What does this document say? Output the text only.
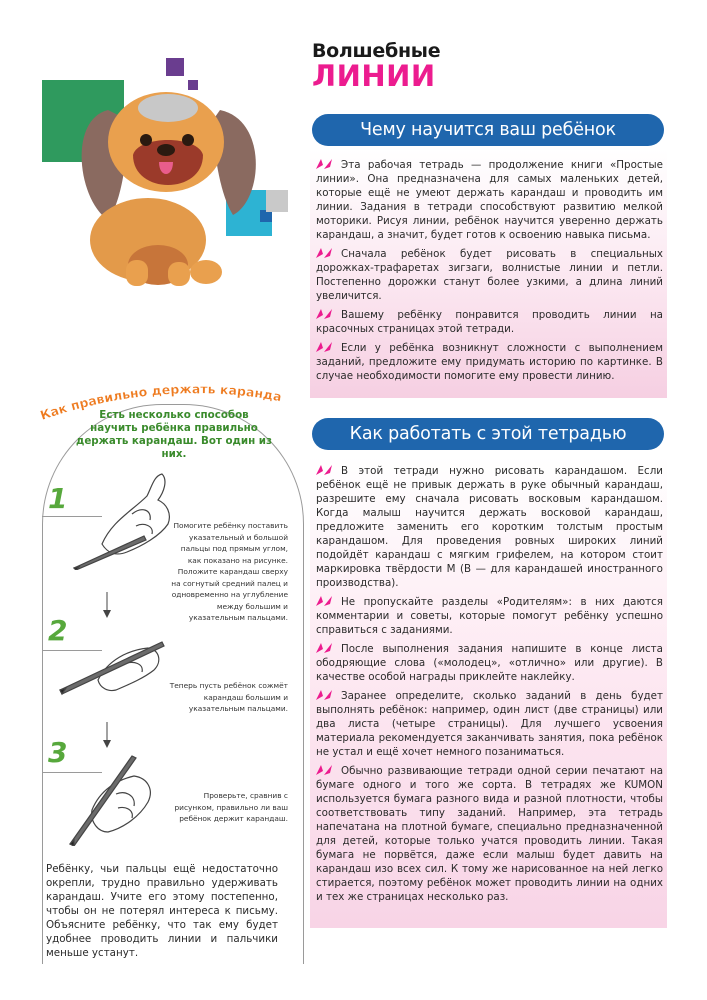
Волшебные
ЛИНИИ
Чему научится ваш ребёнок

Эта рабочая тетрадь — продолжение книги «Простые линии». Она предназначена для самых маленьких детей, которые ещё не умеют держать карандаш и проводить им линии. Задания в тетради способствуют развитию мелкой моторики. Рисуя линии, ребёнок научится уверенно держать карандаш, а значит, будет готов к освоению навыка письма.

Сначала ребёнок будет рисовать в специальных дорожках-трафаретах зигзаги, волнистые линии и петли. Постепенно дорожки станут более узкими, а длина линий увеличится.

Вашему ребёнку понравится проводить линии на красочных страницах этой тетради.

Если у ребёнка возникнут сложности с выполнением заданий, предложите ему придумать историю по картинке. В случае необходимости помогите ему провести линию.

Как работать с этой тетрадью

В этой тетради нужно рисовать карандашом. Если ребёнок ещё не привык держать в руке обычный карандаш, разрешите ему сначала рисовать восковым карандашом. Когда малыш научится держать восковой карандаш, предложите заменить его коротким толстым простым карандашом. Для проведения ровных широких линий подойдёт карандаш с мягким грифелем, на котором стоит маркировка твёрдости М (В — для карандашей иностранного производства).

Не пропускайте разделы «Родителям»: в них даются комментарии и советы, которые помогут ребёнку успешно справиться с заданиями.

После выполнения задания напишите в конце листа ободряющие слова («молодец», «отлично» или другие). В качестве особой награды приклейте наклейку.

Заранее определите, сколько заданий в день будет выполнять ребёнок: например, один лист (две страницы) или два листа (четыре страницы). Для лучшего усвоения материала рекомендуется заканчивать занятия, пока ребёнок не устал и ещё хочет немного позаниматься.

Обычно развивающие тетради одной серии печатают на бумаге одного и того же сорта. В тетрадях же KUMON используется бумага разного вида и разной плотности, чтобы соответствовать типу заданий. Например, эта тетрадь напечатана на плотной бумаге, специально предназначенной для детей, которые только учатся проводить линии. Такая бумага не порвётся, даже если малыш будет давить на карандаш изо всех сил. К тому же нарисованное на ней легко стирается, поэтому ребёнок может проводить линии на одних и тех же страницах несколько раз.

Как правильно держать карандаш
Есть несколько способов научить ребёнка правильно держать карандаш. Вот один из них.
1
Помогите ребёнку поставить указательный и большой пальцы под прямым углом, как показано на рисунке. Положите карандаш сверху на согнутый средний палец и одновременно на углубление между большим и указательным пальцами.
2
Теперь пусть ребёнок сожмёт карандаш большим и указательным пальцами.
3
Проверьте, сравнив с рисунком, правильно ли ваш ребёнок держит карандаш.
Ребёнку, чьи пальцы ещё недостаточно окрепли, трудно правильно удерживать карандаш. Учите его этому постепенно, чтобы он не потерял интереса к письму. Объясните ребёнку, что так ему будет удобнее проводить линии и пальчики меньше устанут.
